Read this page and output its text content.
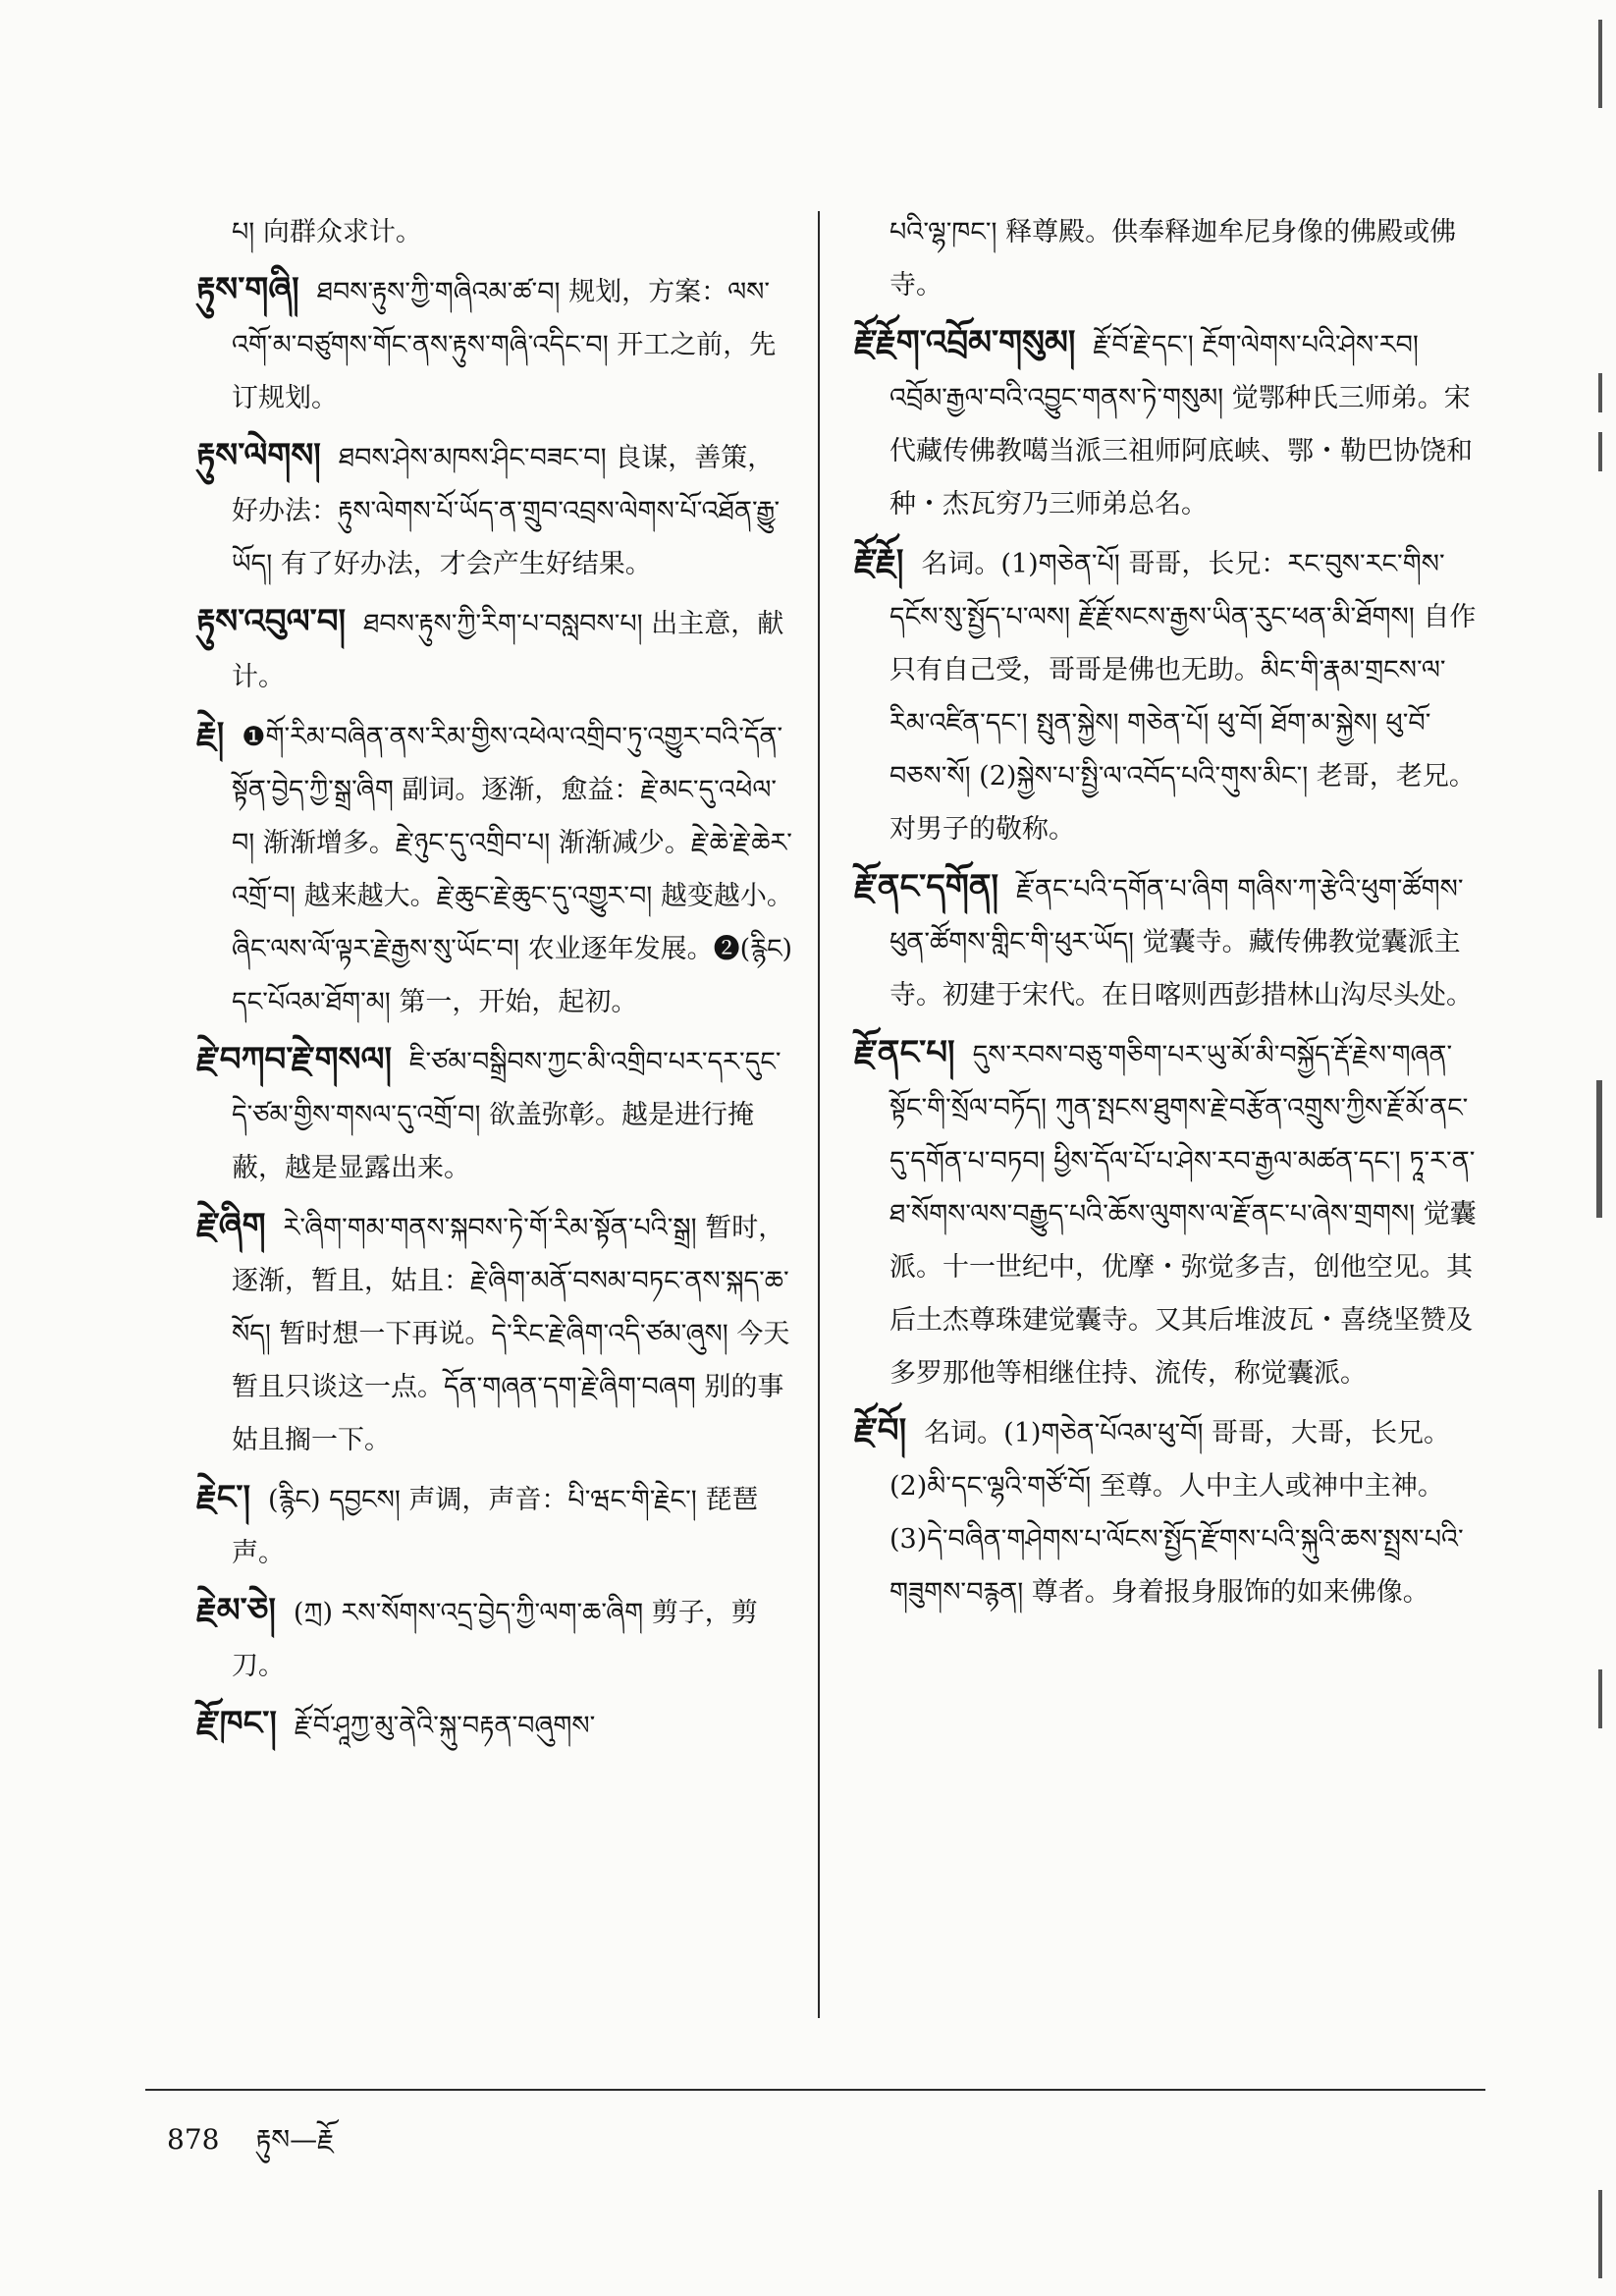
པ། 向群众求计。
རྟུས་གཞི། ཐབས་རྟུས་ཀྱི་གཞིའམ་ཚ་བ། 规划，方案：ལས་འགོ་མ་བཙུགས་གོང་ནས་རྟུས་གཞི་འདིང་བ། 开工之前，先订规划。
རྟུས་ལེགས། ཐབས་ཤེས་མཁས་ཤིང་བཟང་བ། 良谋，善策，好办法：རྟུས་ལེགས་པོ་ཡོད་ན་གྲུབ་འབྲས་ལེགས་པོ་འཐོན་རྒྱུ་ཡོད། 有了好办法，才会产生好结果。
རྟུས་འབུལ་བ། ཐབས་རྟུས་ཀྱི་རིག་པ་བསླབས་པ། 出主意，献计。
རྗེ། ❶གོ་རིམ་བཞིན་ནས་རིམ་གྱིས་འཕེལ་འགྲིབ་ཏུ་འགྱུར་བའི་དོན་སྟོན་བྱེད་ཀྱི་སྒྲ་ཞིག 副词。逐渐，愈益：རྗེ་མང་དུ་འཕེལ་བ། 渐渐增多。རྗེ་ཉུང་དུ་འགྲིབ་པ། 渐渐减少。རྗེ་ཆེ་རྗེ་ཆེར་འགྲོ་བ། 越来越大。རྗེ་ཆུང་རྗེ་ཆུང་དུ་འགྱུར་བ། 越变越小。ཞིང་ལས་ལོ་ལྟར་རྗེ་རྒྱས་སུ་ཡོང་བ། 农业逐年发展。❷(རྙིང) དང་པོའམ་ཐོག་མ། 第一，开始，起初。
རྗེ་བཀབ་རྗེ་གསལ། ཇི་ཙམ་བསྒྲིབས་ཀྱང་མི་འགྲིབ་པར་དར་དུང་དེ་ཙམ་གྱིས་གསལ་དུ་འགྲོ་བ། 欲盖弥彰。越是进行掩蔽，越是显露出来。
རྗེ་ཞིག རེ་ཞིག་གམ་གནས་སྐབས་ཏེ་གོ་རིམ་སྟོན་པའི་སྒྲ། 暂时，逐渐，暂且，姑且：རྗེ་ཞིག་མནོ་བསམ་བཏང་ནས་སྐད་ཆ་སོད། 暂时想一下再说。དེ་རིང་རྗེ་ཞིག་འདི་ཙམ་ཞུས། 今天暂且只谈这一点。དོན་གཞན་དག་རྗེ་ཞིག་བཞག 别的事姑且搁一下。
རྗེང་། (རྙིང) དབྱངས། 声调，声音：པི་ཝང་གི་རྗེང་། 琵琶声。
རྗེམ་ཅེ། (ཀྲ) རས་སོགས་འདྲ་བྱེད་ཀྱི་ལག་ཆ་ཞིག 剪子，剪刀。
རྗོ་ཁང་། རྗོ་བོ་ཤཱཀྱ་མུ་ནེའི་སྐུ་བརྟན་བཞུགས་
པའི་ལྷ་ཁང་། 释尊殿。供奉释迦牟尼身像的佛殿或佛寺。
རྗོ་རྗོག་འབྲོམ་གསུམ། རྗོ་བོ་རྗེ་དང་། རྔོག་ལེགས་པའི་ཤེས་རབ། འབྲོམ་རྒྱལ་བའི་འབྱུང་གནས་ཏེ་གསུམ། 觉鄂种氏三师弟。宋代藏传佛教噶当派三祖师阿底峡、鄂・勒巴协饶和种・杰瓦穷乃三师弟总名。
རྗོ་རྗོ། 名词。(1)གཅེན་པོ། 哥哥，长兄：རང་བུས་རང་གིས་དངོས་སུ་སྤྱོད་པ་ལས། རྗོ་རྗོ་སངས་རྒྱས་ཡིན་རུང་ཕན་མི་ཐོགས། 自作只有自己受，哥哥是佛也无助。མིང་གི་རྣམ་གྲངས་ལ་རིམ་འཛིན་དང་། སྤུན་སྐྱེས། གཅེན་པོ། ཕུ་བོ། ཐོག་མ་སྐྱེས། ཕུ་བོ་བཅས་སོ། (2)སྐྱེས་པ་སྤྱི་ལ་འབོད་པའི་གུས་མིང་། 老哥，老兄。对男子的敬称。
རྗོ་ནང་དགོན། རྗོ་ནང་པའི་དགོན་པ་ཞིག གཞིས་ཀ་རྩེའི་ཕུག་ཚོགས་ཕུན་ཚོགས་གླིང་གི་ཕུར་ཡོད། 觉囊寺。藏传佛教觉囊派主寺。初建于宋代。在日喀则西彭措林山沟尽头处。
རྗོ་ནང་པ། དུས་རབས་བཅུ་གཅིག་པར་ཡུ་མོ་མི་བསྐྱོད་རྡོ་རྗེས་གཞན་སྟོང་གི་སྲོལ་བཏོད། ཀུན་སྤངས་ཐུགས་རྗེ་བརྩོན་འགྲུས་ཀྱིས་རྗོ་མོ་ནང་དུ་དགོན་པ་བཏབ། ཕྱིས་དོལ་པོ་པ་ཤེས་རབ་རྒྱལ་མཚན་དང་། ཏཱ་ར་ན་ཐ་སོགས་ལས་བརྒྱུད་པའི་ཆོས་ལུགས་ལ་རྗོ་ནང་པ་ཞེས་གྲགས། 觉囊派。十一世纪中，优摩・弥觉多吉，创他空见。其后土杰尊珠建觉囊寺。又其后堆波瓦・喜绕坚赞及多罗那他等相继住持、流传，称觉囊派。
རྗོ་བོ། 名词。(1)གཅེན་པོའམ་ཕུ་བོ། 哥哥，大哥，长兄。(2)མི་དང་ལྷའི་གཙོ་བོ། 至尊。人中主人或神中主神。(3)དེ་བཞིན་གཤེགས་པ་ལོངས་སྤྱོད་རྫོགས་པའི་སྐུའི་ཆས་སྤྲས་པའི་གཟུགས་བརྙན། 尊者。身着报身服饰的如来佛像。
878 རྟུས—རྗོ
